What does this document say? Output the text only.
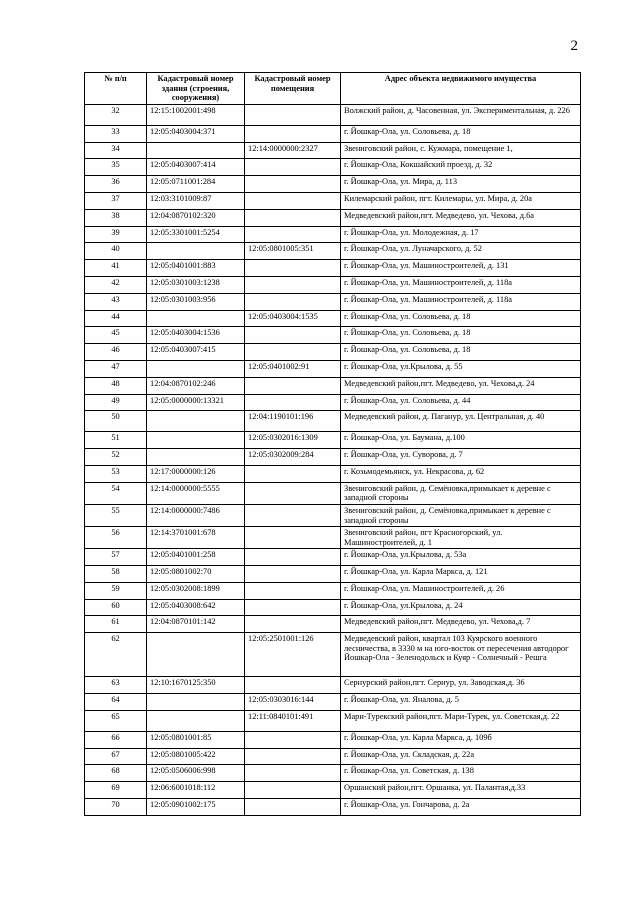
2
№ п/п	Кадастровый номер здания (строения, сооружения)	Кадастровый номер помещения	Адрес объекта недвижимого имущества
32	12:15:1002001:498		Волжский район, д. Часовенная, ул. Экспериментальная, д. 226
33	12:05:0403004:371		г. Йошкар-Ола, ул. Соловьева, д. 18
34		12:14:0000000:2327	Звениговский район, с. Кужмара, помещение 1,
35	12:05:0403007:414		г. Йошкар-Ола, Кокшайский проезд, д. 32
36	12:05:0711001:284		г. Йошкар-Ола, ул. Мира, д. 113
37	12:03:3101009:87		Килемарский район, пгт. Килемары, ул. Мира, д. 20а
38	12:04:0870102:320		Медведевский район,пгт. Медведево, ул. Чехова, д.6а
39	12:05:3301001:5254		г. Йошкар-Ола, ул. Молодежная, д. 17
40		12:05:0801005:351	г. Йошкар-Ола, ул. Луначарского, д. 52
41	12:05:0401001:883		г. Йошкар-Ола, ул. Машиностроителей, д. 131
42	12:05:0301003:1238		г. Йошкар-Ола, ул. Машиностроителей, д. 118а
43	12:05:0301003:956		г. Йошкар-Ола, ул. Машиностроителей, д. 118а
44		12:05:0403004:1535	г. Йошкар-Ола, ул. Соловьева, д. 18
45	12:05:0403004:1536		г. Йошкар-Ола, ул. Соловьева, д. 18
46	12:05:0403007:415		г. Йошкар-Ола, ул. Соловьева, д. 18
47		12:05:0401002:91	г. Йошкар-Ола, ул.Крылова, д. 55
48	12:04:0870102:246		Медведевский район,пгт. Медведево, ул. Чехова,д. 24
49	12:05:0000000:13321		г. Йошкар-Ола, ул. Соловьева, д. 44
50		12:04:1190101:196	Медведевский район, д. Паганур, ул. Центральная, д. 40
51		12:05:0302016:1309	г. Йошкар-Ола, ул. Баумана, д.100
52		12:05:0302009:284	г. Йошкар-Ола, ул. Суворова, д. 7
53	12:17:0000000:126		г. Козьмодемьянск, ул. Некрасова, д. 62
54	12:14:0000000:5555		Звениговский район, д. Семёновка,примыкает к деревне с западной стороны
55	12:14:0000000:7486		Звениговский район, д. Семёновка,примыкает к деревне с западной стороны
56	12:14:3701001:678		Звениговский район, пгт Красногорский, ул. Машиностроителей, д. 1
57	12:05:0401001:258		г. Йошкар-Ола, ул.Крылова, д. 53а
58	12:05:0801002:70		г. Йошкар-Ола, ул. Карла Маркса, д. 121
59	12:05:0302008:1899		г. Йошкар-Ола, ул. Машиностроителей, д. 26
60	12:05:0403008:642		г. Йошкар-Ола, ул.Крылова, д. 24
61	12:04:0870101:142		Медведевский район,пгт. Медведево, ул. Чехова,д. 7
62		12:05:2501001:126	Медведевский район, квартал 103 Куярского военного лесничества, в 3330 м на юго-восток от пересечения автодорог Йошкар-Ола - Зеленодольск и Куяр - Солнечный - Решга
63	12:10:1670125:350		Сернурский район,пгт. Сернур, ул. Заводская,д. 36
64		12:05:0303016:144	г. Йошкар-Ола, ул. Яналова, д. 5
65		12:11:0840101:491	Мари-Турекский район,пгт. Мари-Турек, ул. Советская,д. 22
66	12:05:0801001:85		г. Йошкар-Ола, ул. Карла Маркса, д. 109б
67	12:05:0801005:422		г. Йошкар-Ола, ул. Складская, д. 22а
68	12:05:0506006:998		г. Йошкар-Ола, ул. Советская, д. 138
69	12:06:6001018:112		Оршанский район,пгт. Оршанка, ул. Палантая,д.33
70	12:05:0901002:175		г. Йошкар-Ола, ул. Гончарова, д. 2а
